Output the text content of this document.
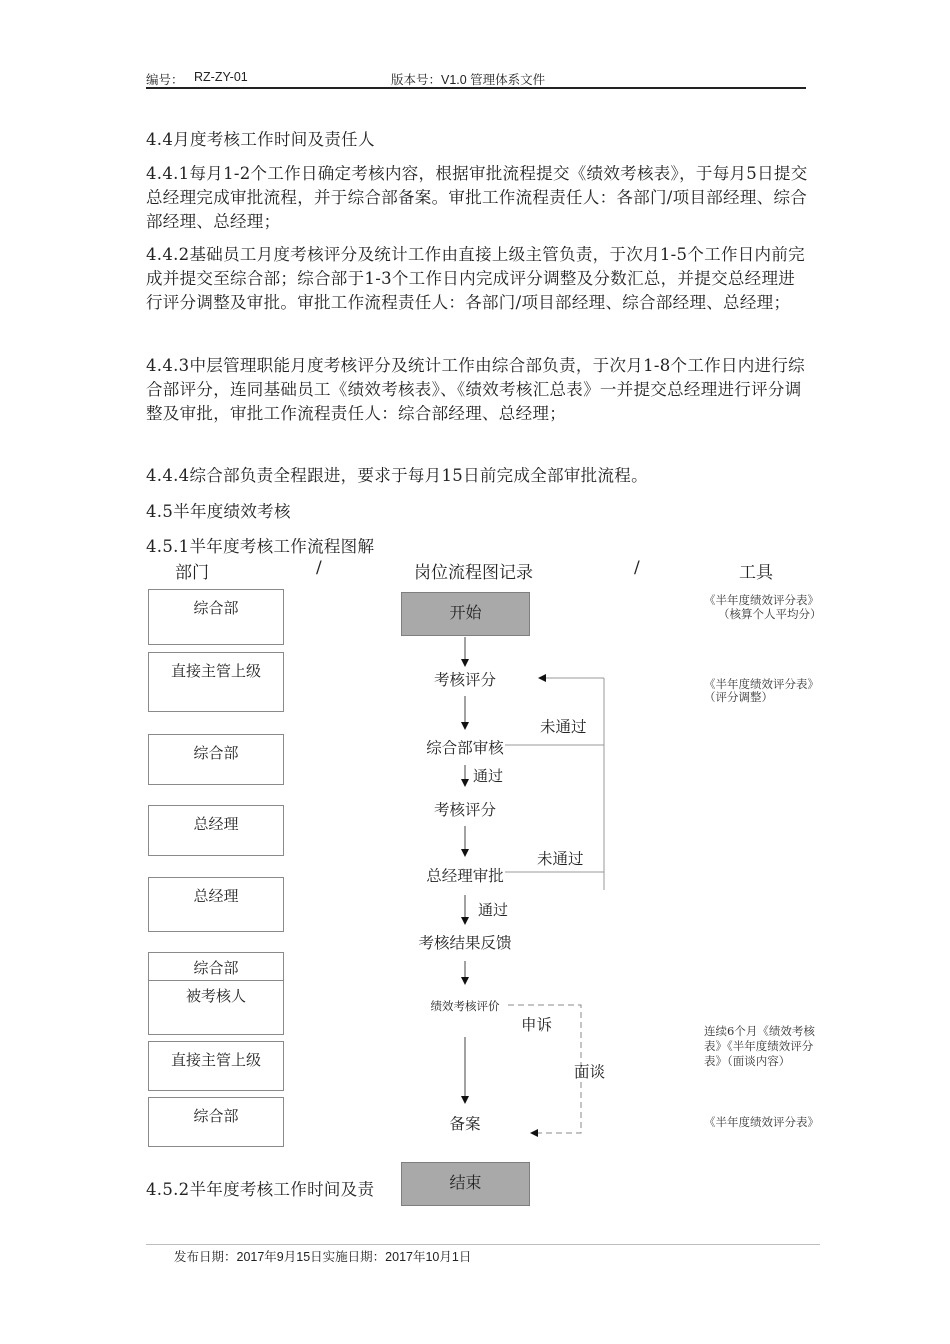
编号： RZ-ZY-01	版本号：V1.0 管理体系文件
4.4月度考核工作时间及责任人
4.4.1每月1-2个工作日确定考核内容，根据审批流程提交《绩效考核表》，于每月5日提交总经理完成审批流程，并于综合部备案。审批工作流程责任人：各部门/项目部经理、综合部经理、总经理；
4.4.2基础员工月度考核评分及统计工作由直接上级主管负责，于次月1-5个工作日内前完成并提交至综合部；综合部于1-3个工作日内完成评分调整及分数汇总，并提交总经理进行评分调整及审批。审批工作流程责任人：各部门/项目部经理、综合部经理、总经理；
4.4.3中层管理职能月度考核评分及统计工作由综合部负责，于次月1-8个工作日内进行综合部评分，连同基础员工《绩效考核表》、《绩效考核汇总表》一并提交总经理进行评分调整及审批，审批工作流程责任人：综合部经理、总经理；
4.4.4综合部负责全程跟进，要求于每月15日前完成全部审批流程。
4.5半年度绩效考核
4.5.1半年度考核工作流程图解
部门	/	岗位流程图记录	/	工具
综合部
直接主管上级
综合部
总经理
总经理
综合部
被考核人
直接主管上级
综合部
开始
考核评分
综合部审核
考核评分
总经理审批
考核结果反馈
绩效考核评价
备案
结束
未通过
通过
未通过
通过
申诉
面谈
《半年度绩效评分表》
（核算个人平均分）
《半年度绩效评分表》
（评分调整）
连续6个月《绩效考核
表》《半年度绩效评分
表》（面谈内容）
《半年度绩效评分表》
4.5.2半年度考核工作时间及责
发布日期：2017年9月15日实施日期：2017年10月1日
